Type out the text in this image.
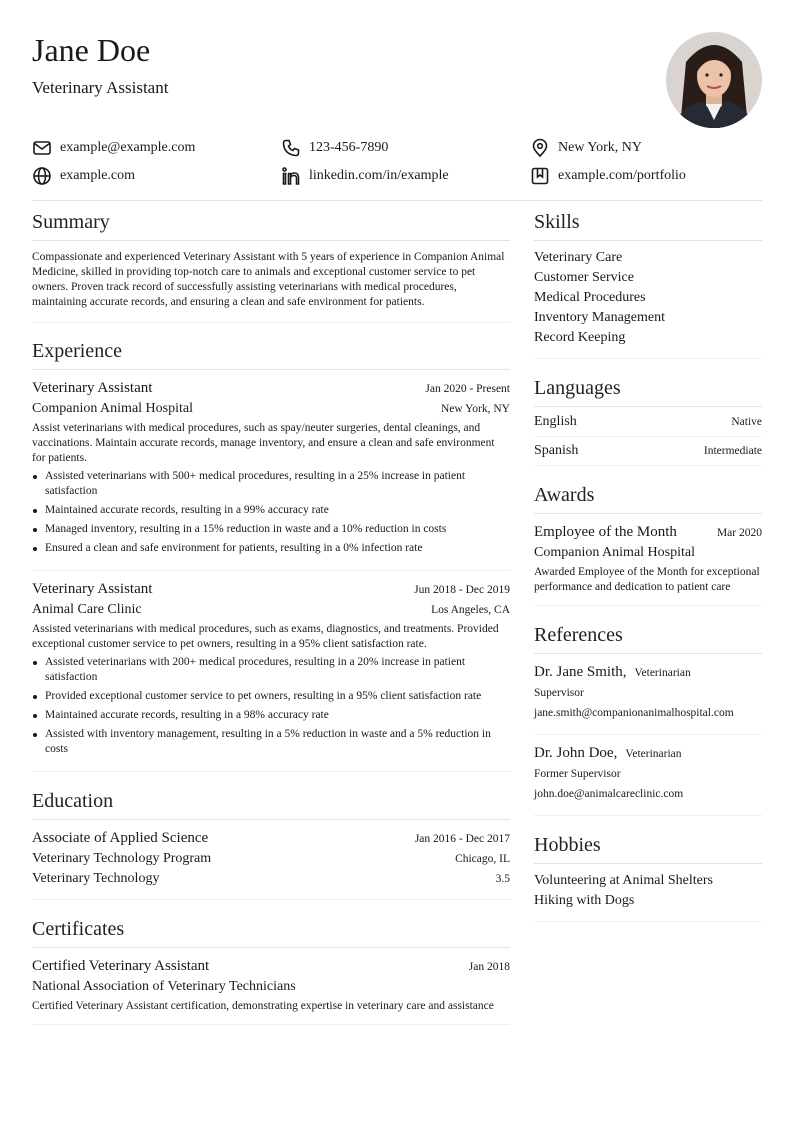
Jane Doe
Veterinary Assistant
example@example.com	123-456-7890	New York, NY
example.com	linkedin.com/in/example	example.com/portfolio
Summary

Compassionate and experienced Veterinary Assistant with 5 years of experience in Companion Animal Medicine, skilled in providing top-notch care to animals and exceptional customer service to pet owners. Proven track record of successfully assisting veterinarians with medical procedures, maintaining accurate records, and ensuring a clean and safe environment for patients.

Experience
Veterinary Assistant	Jan 2020 - Present
Companion Animal Hospital	New York, NY

Assist veterinarians with medical procedures, such as spay/neuter surgeries, dental cleanings, and vaccinations. Maintain accurate records, manage inventory, and ensure a clean and safe environment for patients.

Assisted veterinarians with 500+ medical procedures, resulting in a 25% increase in patient satisfaction
Maintained accurate records, resulting in a 99% accuracy rate
Managed inventory, resulting in a 15% reduction in waste and a 10% reduction in costs
Ensured a clean and safe environment for patients, resulting in a 0% infection rate
Veterinary Assistant	Jun 2018 - Dec 2019
Animal Care Clinic	Los Angeles, CA

Assisted veterinarians with medical procedures, such as exams, diagnostics, and treatments. Provided exceptional customer service to pet owners, resulting in a 95% client satisfaction rate.

Assisted veterinarians with 200+ medical procedures, resulting in a 20% increase in patient satisfaction
Provided exceptional customer service to pet owners, resulting in a 95% client satisfaction rate
Maintained accurate records, resulting in a 98% accuracy rate
Assisted with inventory management, resulting in a 5% reduction in waste and a 5% reduction in costs
Education
Associate of Applied Science	Jan 2016 - Dec 2017
Veterinary Technology Program	Chicago, IL
Veterinary Technology	3.5
Certificates
Certified Veterinary Assistant	Jan 2018
National Association of Veterinary Technicians

Certified Veterinary Assistant certification, demonstrating expertise in veterinary care and assistance

Skills
Veterinary Care
Customer Service
Medical Procedures
Inventory Management
Record Keeping
Languages
English	Native
Spanish	Intermediate
Awards
Employee of the Month	Mar 2020
Companion Animal Hospital

Awarded Employee of the Month for exceptional performance and dedication to patient care

References
Dr. Jane Smith, Veterinarian
Supervisor
jane.smith@companionanimalhospital.com
Dr. John Doe, Veterinarian
Former Supervisor
john.doe@animalcareclinic.com
Hobbies
Volunteering at Animal Shelters
Hiking with Dogs
